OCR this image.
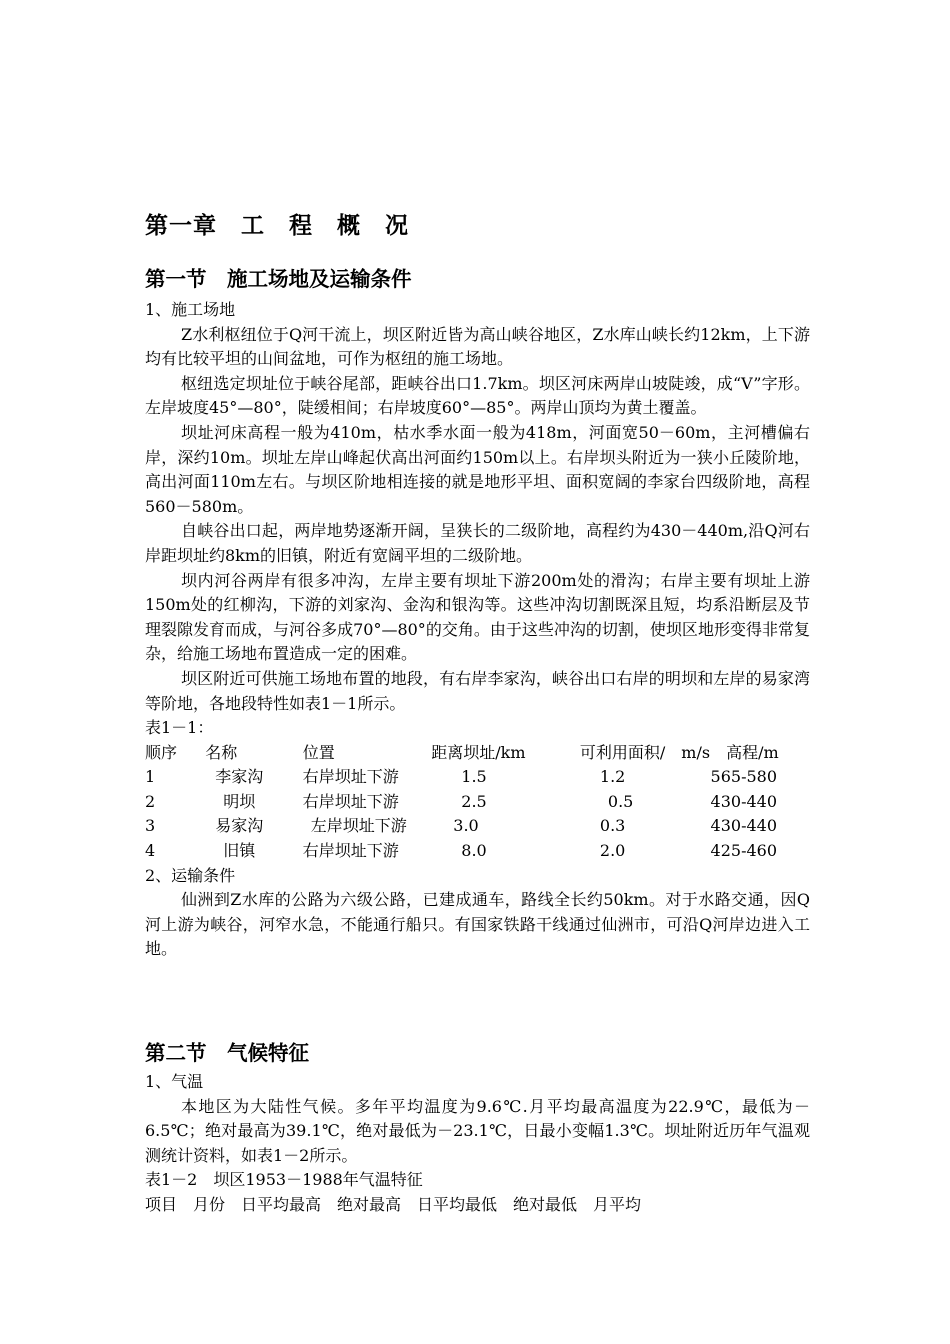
第一章　工　程　概　况
第一节　施工场地及运输条件

1、施工场地

Z水利枢纽位于Q河干流上，坝区附近皆为高山峡谷地区，Z水库山峡长约12km，上下游均有比较平坦的山间盆地，可作为枢纽的施工场地。

枢纽选定坝址位于峡谷尾部，距峡谷出口1.7km。坝区河床两岸山坡陡竣，成“V”字形。左岸坡度45°—80°，陡缓相间；右岸坡度60°—85°。两岸山顶均为黄土覆盖。

坝址河床高程一般为410m，枯水季水面一般为418m，河面宽50－60m，主河槽偏右岸，深约10m。坝址左岸山峰起伏高出河面约150m以上。右岸坝头附近为一狭小丘陵阶地，高出河面110m左右。与坝区阶地相连接的就是地形平坦、面积宽阔的李家台四级阶地，高程560－580m。

自峡谷出口起，两岸地势逐渐开阔，呈狭长的二级阶地，高程约为430－440m,沿Q河右岸距坝址约8km的旧镇，附近有宽阔平坦的二级阶地。

坝内河谷两岸有很多冲沟，左岸主要有坝址下游200m处的滑沟；右岸主要有坝址上游150m处的红柳沟，下游的刘家沟、金沟和银沟等。这些冲沟切割既深且短，均系沿断层及节理裂隙发育而成，与河谷多成70°—80°的交角。由于这些冲沟的切割，使坝区地形变得非常复杂，给施工场地布置造成一定的困难。

坝区附近可供施工场地布置的地段，有右岸李家沟，峡谷出口右岸的明坝和左岸的易家湾等阶地，各地段特性如表1－1所示。

表1－1：

顺序	名称	位置	距离坝址/km	可利用面积/　m/s　 高程/m	
1	李家沟	右岸坝址下游	1.5	1.2	565-580
2	明坝	右岸坝址下游	2.5	0.5	430-440
3	易家沟	左岸坝址下游	3.0	0.3	430-440
4	旧镇	右岸坝址下游	8.0	2.0	425-460

2、运输条件

仙洲到Z水库的公路为六级公路，已建成通车，路线全长约50km。对于水路交通，因Q河上游为峡谷，河窄水急，不能通行船只。有国家铁路干线通过仙洲市，可沿Q河岸边进入工地。

第二节　气候特征

1、气温

本地区为大陆性气候。多年平均温度为9.6℃.月平均最高温度为22.9℃，最低为－6.5℃；绝对最高为39.1℃，绝对最低为－23.1℃，日最小变幅1.3℃。坝址附近历年气温观测统计资料，如表1－2所示。

表1－2　坝区1953－1988年气温特征

项目　月份　日平均最高　绝对最高　日平均最低　绝对最低　月平均
